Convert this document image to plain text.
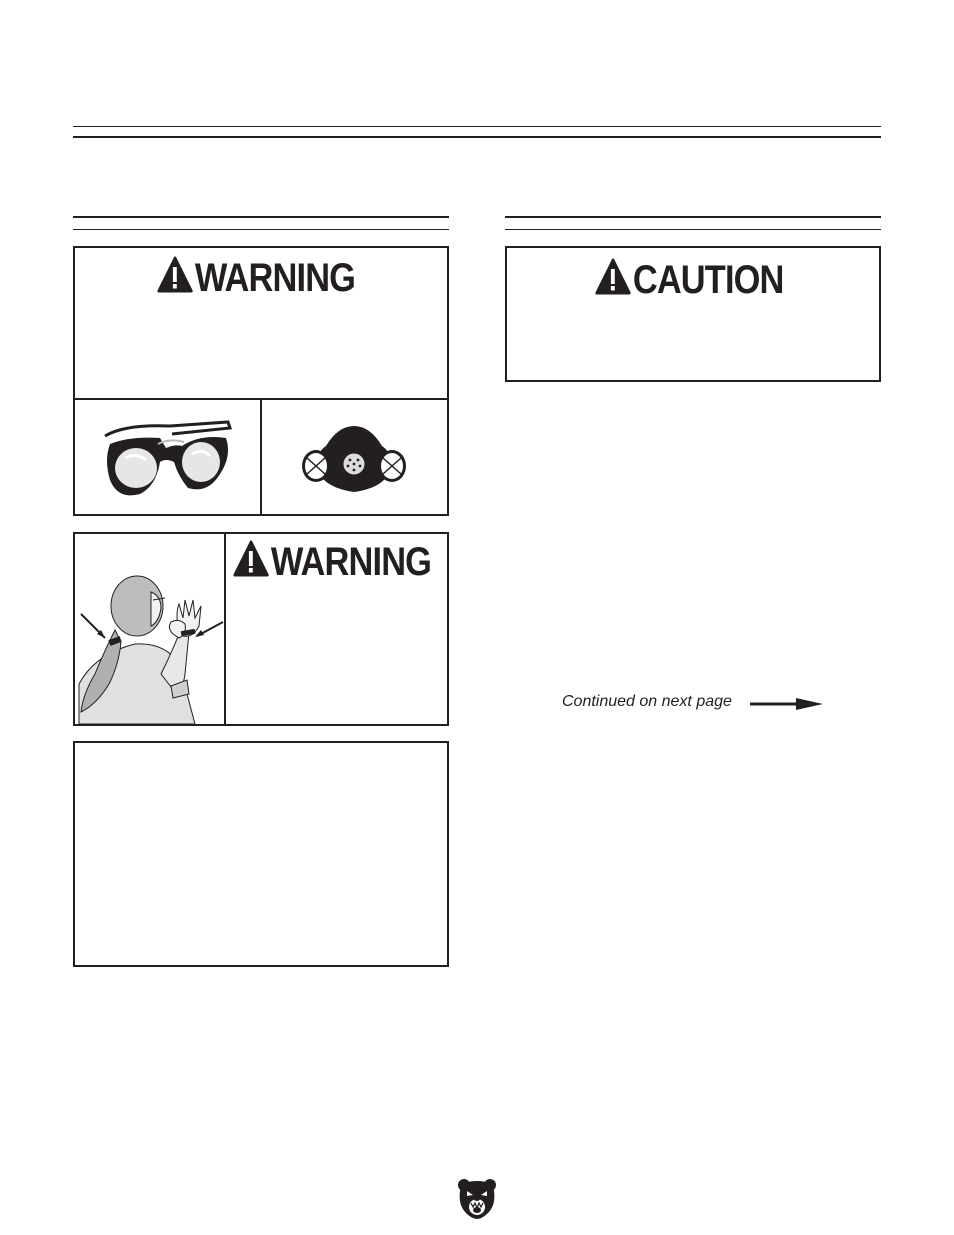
WARNING
WARNING
CAUTION
Continued on next page
